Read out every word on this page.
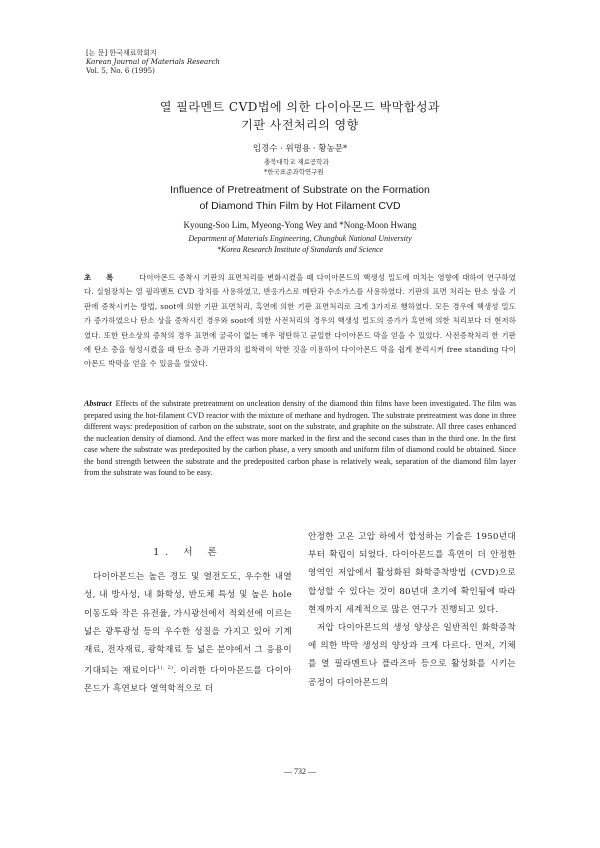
[논 문] 한국재료학회지
Korean Journal of Materials Research
Vol. 5, No. 6 (1995)
열 필라멘트 CVD법에 의한 다이아몬드 박막합성과
기판 사전처리의 영향
임경수 · 위명용 · 황농문*
충북대학교 재료공학과
*한국표준과학연구원
Influence of Pretreatment of Substrate on the Formation
of Diamond Thin Film by Hot Filament CVD
Kyoung-Soo Lim, Myeong-Yong Wey and *Nong-Moon Hwang
Department of Materials Engineering, Chungbuk National University
*Korea Research Institute of Standards and Science
초 록	다이아몬드 증착시 기판의 표면처리를 변화시켰을 때 다이아몬드의 핵생성 밀도에 미치는 영향에 대하여 연구하였다. 실험장치는 열 필라멘트 CVD 장치를 사용하였고, 반응가스로 메탄과 수소가스를 사용하였다. 기판의 표면 처리는 탄소 상을 기판에 증착시키는 방법, soot에 의한 기판 표면처리, 흑연에 의한 기판 표면처리로 크게 3가지로 행하였다. 모든 경우에 핵생성 밀도가 증가하였으나 탄소 상을 증착시킨 경우와 soot에 의한 사전처리의 경우의 핵생성 밀도의 증가가 흑연에 의한 처리보다 더 현저하였다. 또한 탄소상의 증착의 경우 표면에 굴곡이 없는 매우 평탄하고 균일한 다이아몬드 막을 얻을 수 있었다. 사전증착처리 한 기판에 탄소 층을 형성시켰을 때 탄소 층과 기판과의 접착력이 약한 것을 이용하여 다이아몬드 막을 쉽게 분리시켜 free standing 다이아몬드 박막을 얻을 수 있음을 알았다.
Abstract Effects of the substrate pretreatment on uncleation density of the diamond thin films have been investigated. The film was prepared using the hot-filament CVD reactor with the mixture of methane and hydrogen. The substrate pretreatment was done in three different ways: predeposition of carbon on the substrate, soot on the substrate, and graphite on the substrate. All three cases enhanced the nucleation density of diamond. And the effect was more marked in the first and the second cases than in the third one. In the first case where the substrate was predeposited by the carbon phase, a very smooth and uniform film of diamond could be obtained. Since the bond strength between the substrate and the predeposited carbon phase is relatively weak, separation of the diamond film layer from the substrate was found to be easy.
1. 서 론

다이아몬드는 높은 경도 및 열전도도, 우수한 내열성, 내 방사성, 내 화학성, 반도체 특성 및 높은 hole 이동도와 작은 유전율, 가시광선에서 적외선에 이르는 넓은 광투광성 등의 우수한 성질을 가지고 있어 기계재료, 전자재료, 광학재료 등 넓은 분야에서 그 응용이 기대되는 재료이다$^{1), 2)}$. 이러한 다이아몬드를 다이아몬드가 흑연보다 열역학적으로 더

안정한 고온 고압 하에서 합성하는 기술은 1950년대부터 확립이 되었다. 다이아몬드를 흑연이 더 안정한 영역인 저압에서 활성화된 화학증착방법 (CVD)으로 합성할 수 있다는 것이 80년대 초기에 확인됨에 따라 현재까지 세계적으로 많은 연구가 진행되고 있다.

저압 다이아몬드의 생성 양상은 일반적인 화학증착에 의한 박막 생성의 양상과 크게 다르다. 먼저, 기체를 열 필라멘트나 플라즈마 등으로 활성화를 시키는 공정이 다이아몬드의

— 732 —
